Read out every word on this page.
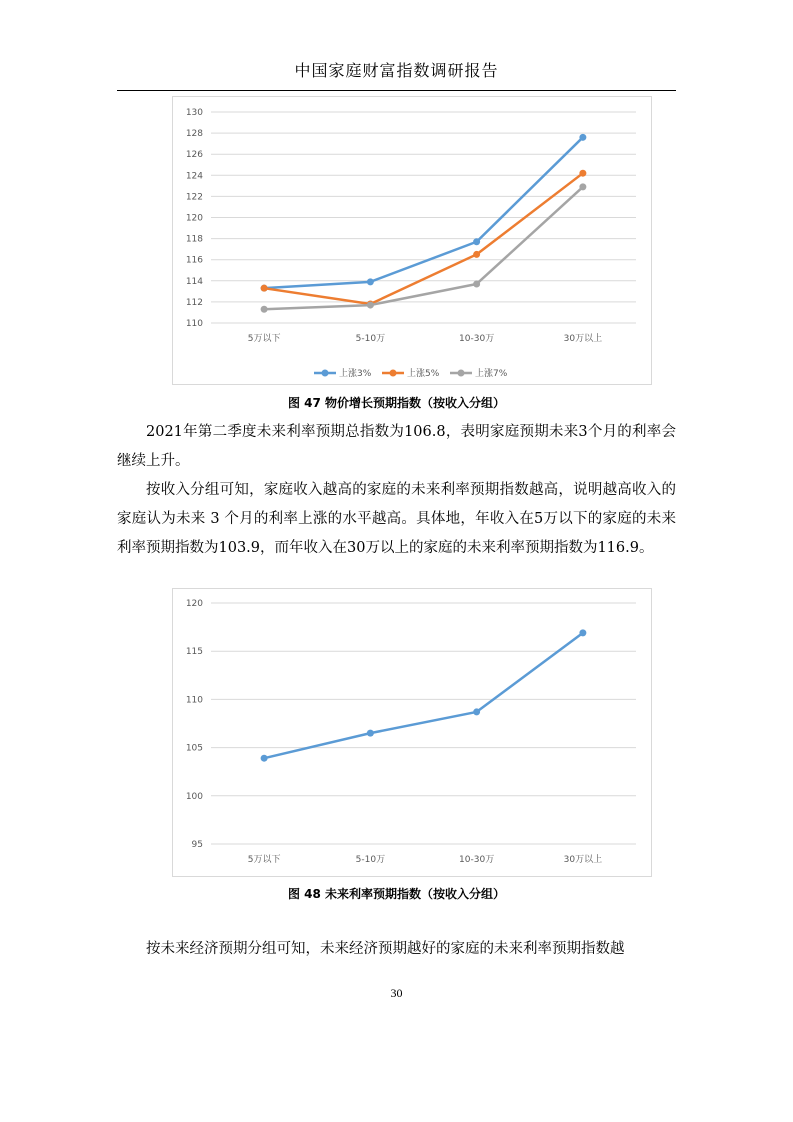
中国家庭财富指数调研报告
110
112
114
116
118
120
122
124
126
128
130
5万以下	5-10万	10-30万	30万以上
上涨3%	上涨5%	上涨7%
图 47 物价增长预期指数（按收入分组）

2021年第二季度未来利率预期总指数为106.8，表明家庭预期未来3个月的利率会继续上升。

按收入分组可知，家庭收入越高的家庭的未来利率预期指数越高，说明越高收入的家庭认为未来 3 个月的利率上涨的水平越高。具体地，年收入在5万以下的家庭的未来利率预期指数为103.9，而年收入在30万以上的家庭的未来利率预期指数为116.9。

95
100
105
110
115
120
5万以下	5-10万	10-30万	30万以上
图 48 未来利率预期指数（按收入分组）

按未来经济预期分组可知，未来经济预期越好的家庭的未来利率预期指数越

30
